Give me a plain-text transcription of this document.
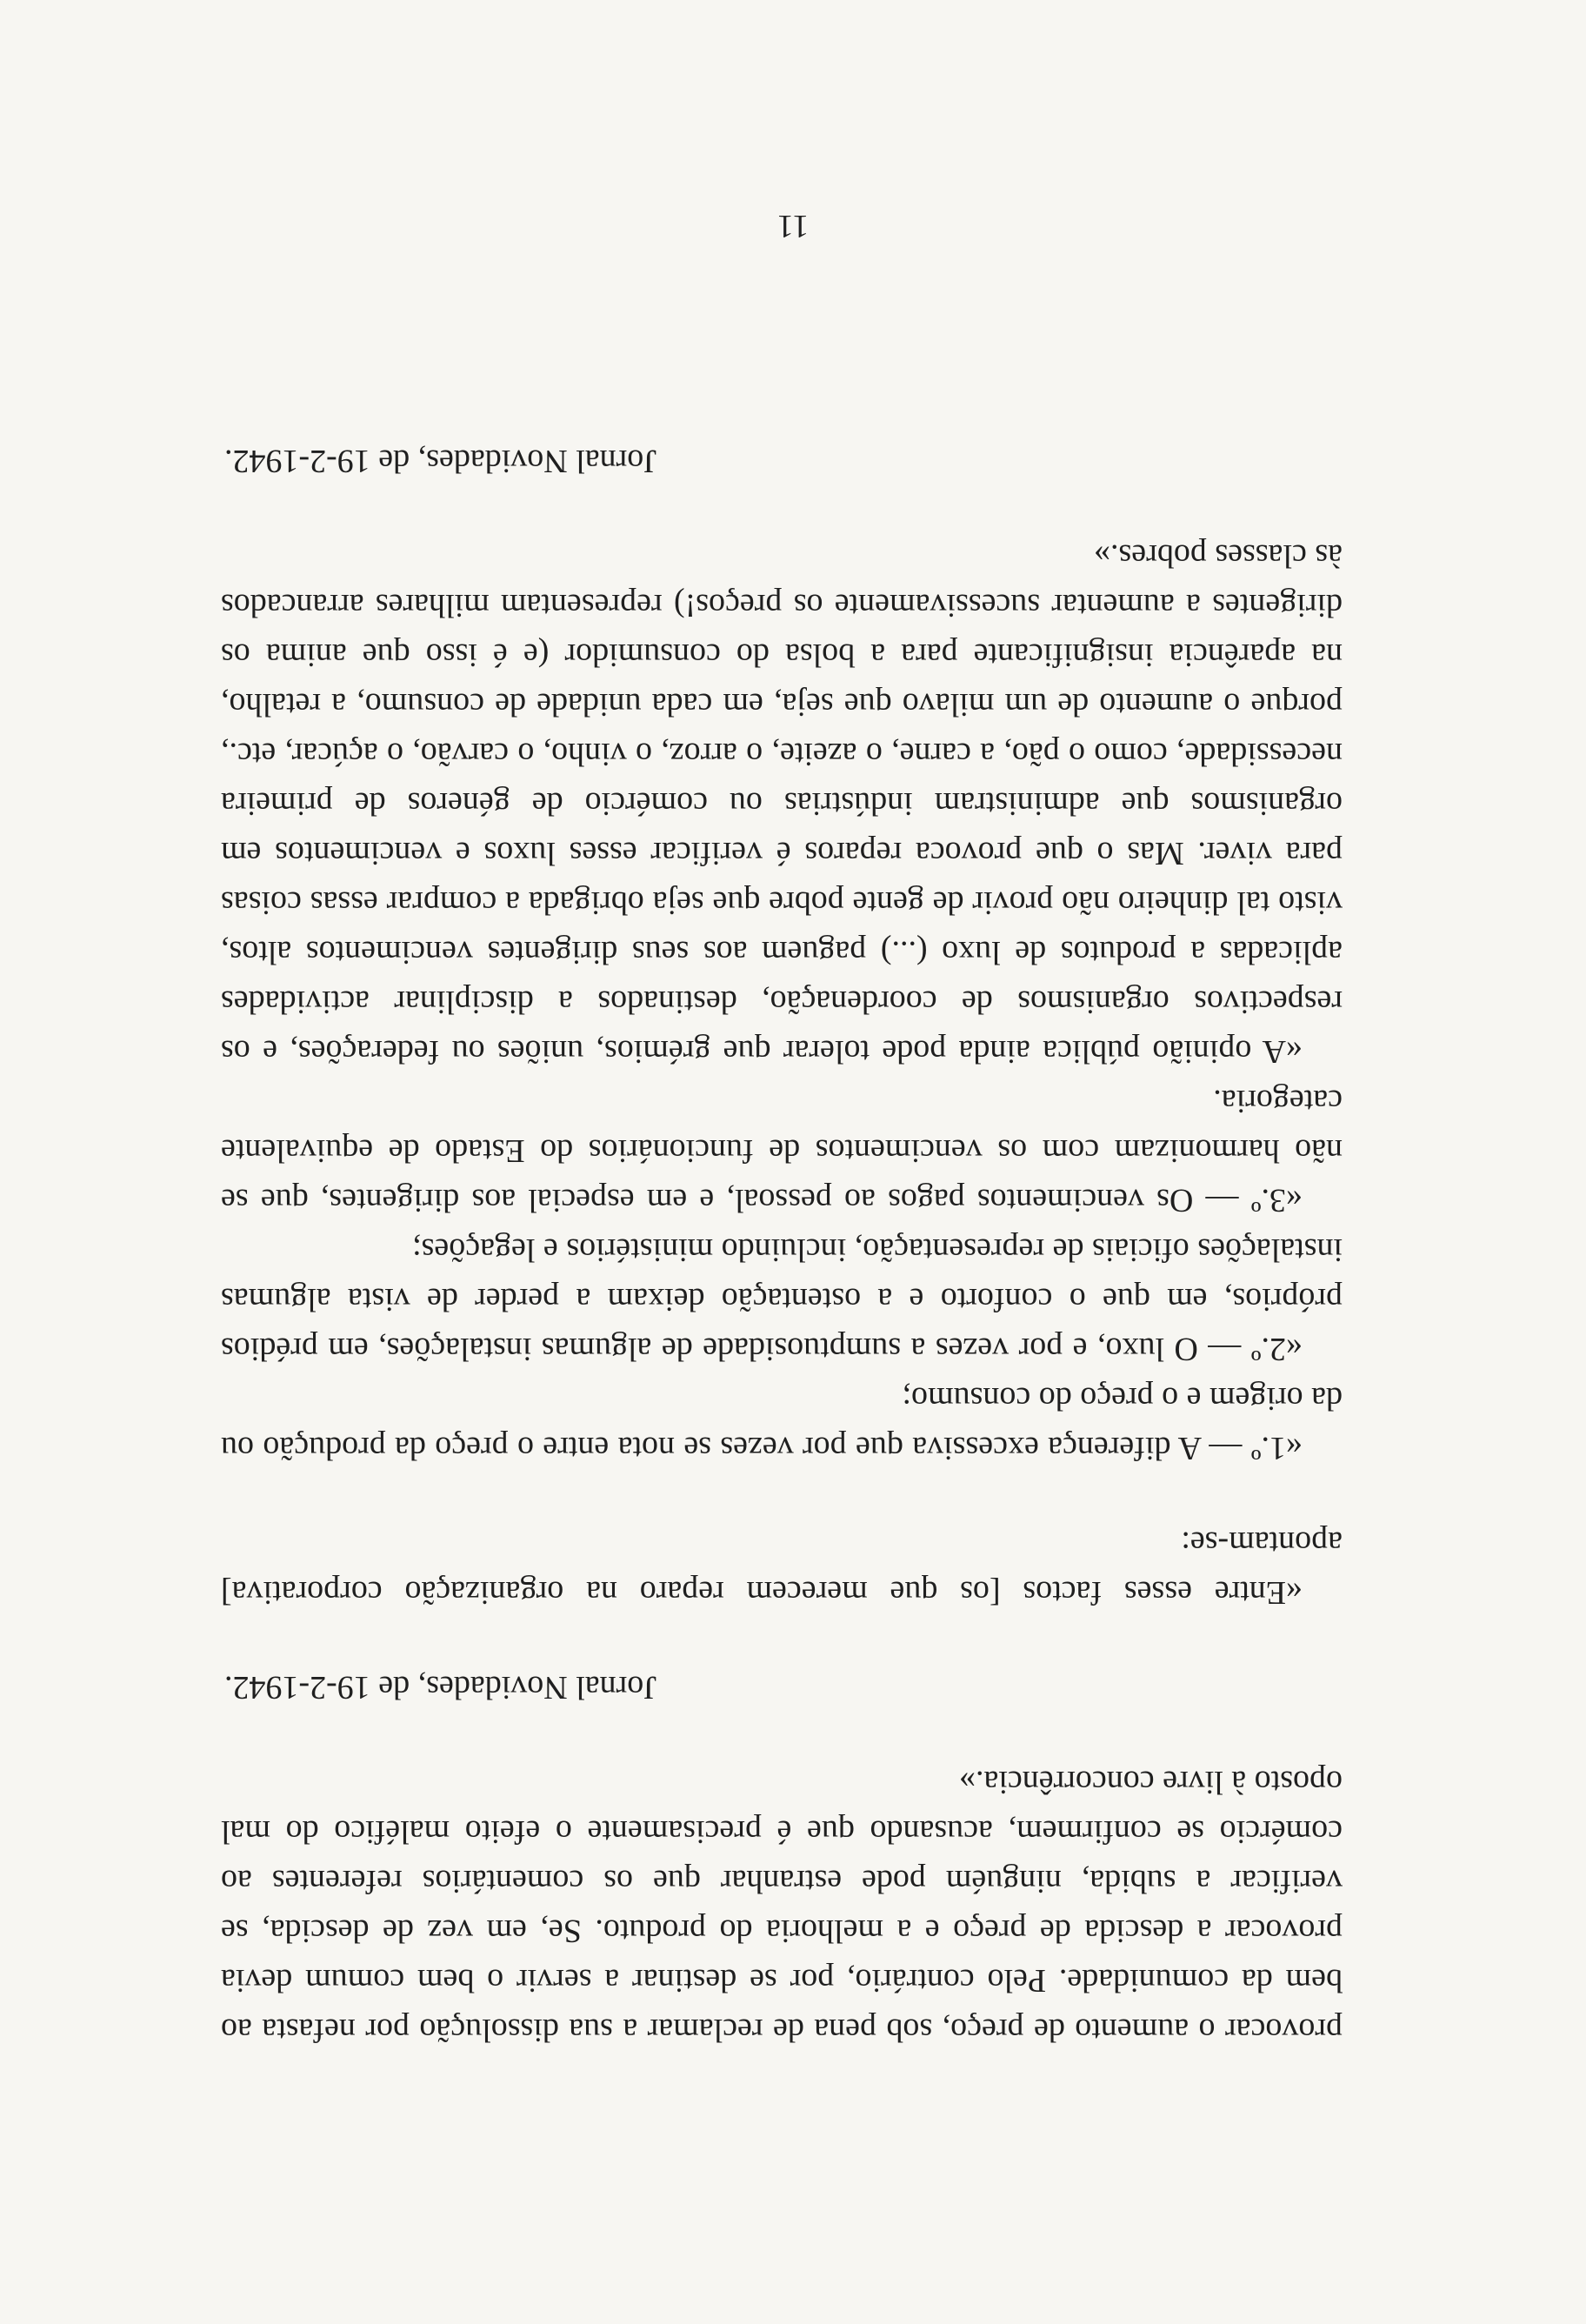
provocar o aumento de preço, sob pena de reclamar a sua dissolução por nefasta ao bem da comunidade. Pelo contrário, por se destinar a servir o bem comum devia provocar a descida de preço e a melhoria do produto. Se, em vez de descida, se verificar a subida, ninguém pode estranhar que os comentários referentes ao comércio se confirmem, acusando que é precisamente o efeito maléfico do mal oposto à livre concorrência.»

Jornal Novidades, de 19-2-1942.

«Entre esses factos [os que merecem reparo na organização corporativa] apontam-se:

«1.º — A diferença excessiva que por vezes se nota entre o preço da produção ou da origem e o preço do consumo;

«2.º — O luxo, e por vezes a sumptuosidade de algumas instalações, em prédios próprios, em que o conforto e a ostentação deixam a perder de vista algumas instalações oficiais de representação, incluindo ministérios e legações;

«3.º — Os vencimentos pagos ao pessoal, e em especial aos dirigentes, que se não harmonizam com os vencimentos de funcionários do Estado de equivalente categoria.

«A opinião pública ainda pode tolerar que grémios, uniões ou federações, e os respectivos organismos de coordenação, destinados a disciplinar actividades aplicadas a produtos de luxo (...) paguem aos seus dirigentes vencimentos altos, visto tal dinheiro não provir de gente pobre que seja obrigada a comprar essas coisas para viver. Mas o que provoca reparos é verificar esses luxos e vencimentos em organismos que administram indústrias ou comércio de géneros de primeira necessidade, como o pão, a carne, o azeite, o arroz, o vinho, o carvão, o açúcar, etc., porque o aumento de um milavo que seja, em cada unidade de consumo, a retalho, na aparência insignificante para a bolsa do consumidor (e é isso que anima os dirigentes a aumentar sucessivamente os preços!) representam milhares arrancados às classes pobres.»

Jornal Novidades, de 19-2-1942.

11
